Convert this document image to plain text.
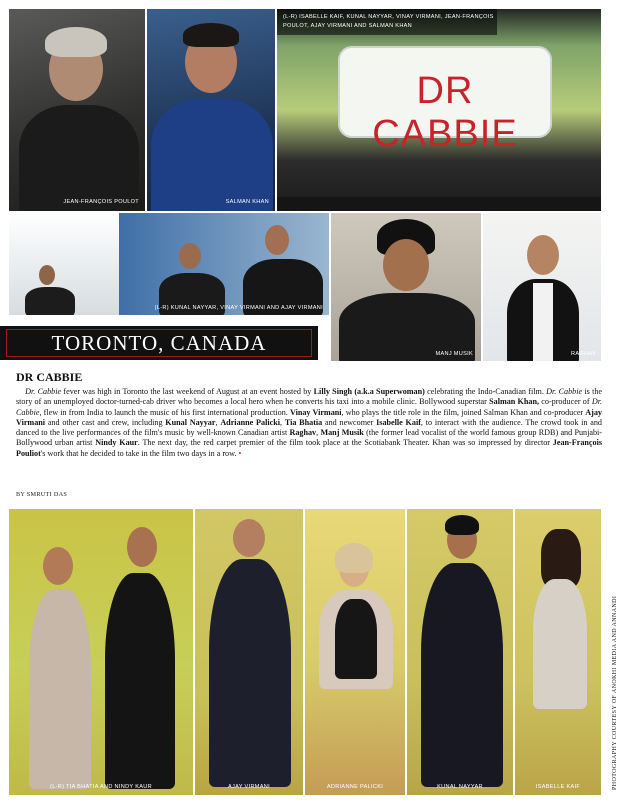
JEAN-FRANÇOIS POULOT	SALMAN KHAN
(L-R) ISABELLE KAIF, KUNAL NAYYAR, VINAY VIRMANI, JEAN-FRANÇOIS
POULOT, AJAY VIRMANI AND SALMAN KHAN
DR CABBIE
(L-R) KUNAL NAYYAR, VINAY VIRMANI AND AJAY VIRMANI
MANJ MUSIK	RAGHAV
TORONTO, CANADA
DR CABBIE
Dr. Cabbie fever was high in Toronto the last weekend of August at an event hosted by Lilly Singh (a.k.a Superwoman) celebrating the Indo-Canadian film. Dr. Cabbie is the story of an unemployed doctor-turned-cab driver who becomes a local hero when he converts his taxi into a mobile clinic. Bollywood superstar Salman Khan, co-producer of Dr. Cabbie, flew in from India to launch the music of his first international production. Vinay Virmani, who plays the title role in the film, joined Salman Khan and co-producer Ajay Virmani and other cast and crew, including Kunal Nayyar, Adrianne Palicki, Tia Bhatia and newcomer Isabelle Kaif, to interact with the audience. The crowd took in and danced to the live performances of the film's music by well-known Canadian artist Raghav, Manj Musik (the former lead vocalist of the world famous group RDB) and Punjabi-Bollywood urban artist Nindy Kaur. The next day, the red carpet premier of the film took place at the Scotiabank Theater. Khan was so impressed by director Jean-François Pouliot's work that he decided to take in the film two days in a row. •
BY SMRUTI DAS
(L-R) TIA BHATIA AND NINDY KAUR	AJAY VIRMANI	ADRIANNE PALICKI	KUNAL NAYYAR	ISABELLE KAIF	PHOTOGRAPHY COURTESY OF ANOKHI MEDIA AND ANNANDI
